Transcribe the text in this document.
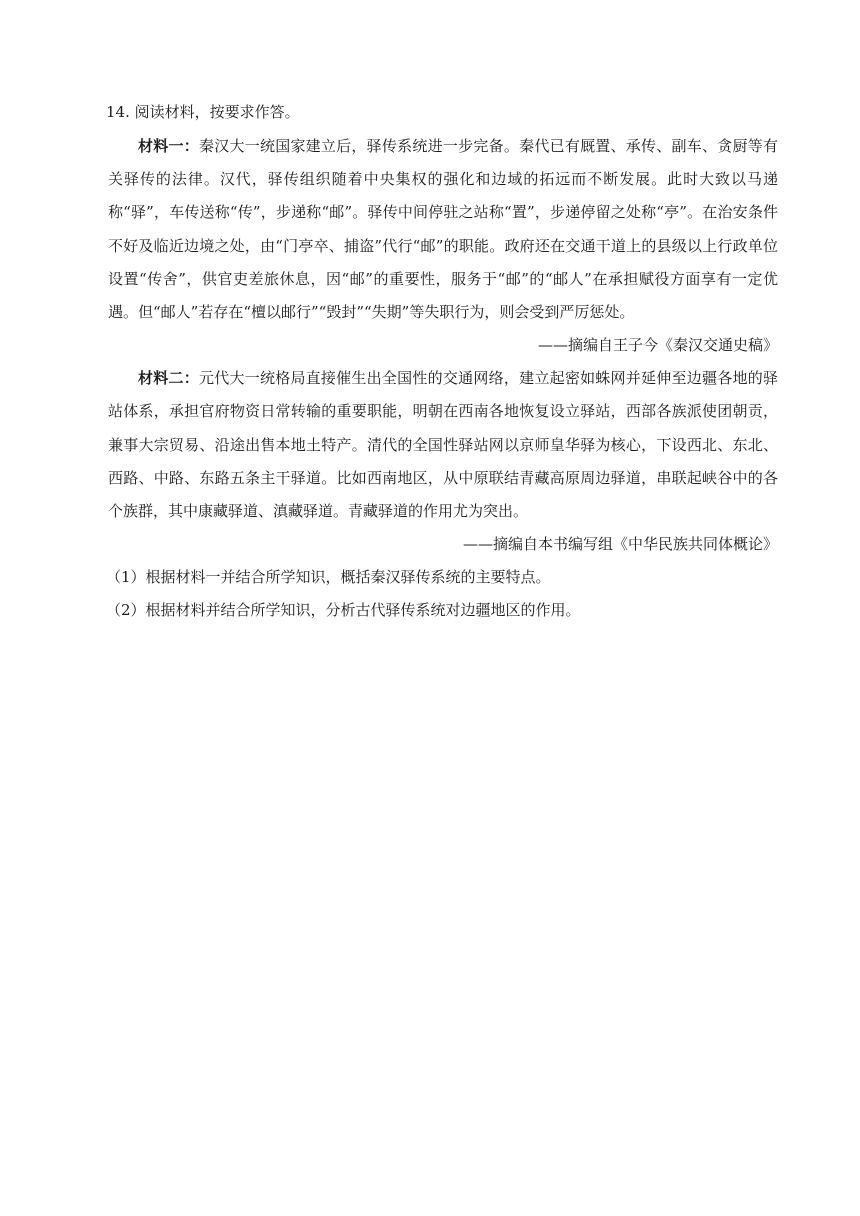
14. 阅读材料，按要求作答。

材料一：秦汉大一统国家建立后，驿传系统进一步完备。秦代已有厩置、承传、副车、贪厨等有关驿传的法律。汉代，驿传组织随着中央集权的强化和边域的拓远而不断发展。此时大致以马递称“驿”，车传送称“传”，步递称“邮”。驿传中间停驻之站称“置”，步递停留之处称“亭”。在治安条件不好及临近边境之处，由“门亭卒、捕盗”代行“邮”的职能。政府还在交通干道上的县级以上行政单位设置“传舍”，供官吏差旅休息，因“邮”的重要性，服务于“邮”的“邮人”在承担赋役方面享有一定优遇。但“邮人”若存在“檀以邮行”“毁封”“失期”等失职行为，则会受到严厉惩处。

——摘编自王子今《秦汉交通史稿》

材料二：元代大一统格局直接催生出全国性的交通网络，建立起密如蛛网并延伸至边疆各地的驿站体系，承担官府物资日常转输的重要职能，明朝在西南各地恢复设立驿站，西部各族派使团朝贡，兼事大宗贸易、沿途出售本地土特产。清代的全国性驿站网以京师皇华驿为核心，下设西北、东北、西路、中路、东路五条主干驿道。比如西南地区，从中原联结青藏高原周边驿道，串联起峡谷中的各个族群，其中康藏驿道、滇藏驿道。青藏驿道的作用尤为突出。

——摘编自本书编写组《中华民族共同体概论》

（1）根据材料一并结合所学知识，概括秦汉驿传系统的主要特点。

（2）根据材料并结合所学知识，分析古代驿传系统对边疆地区的作用。
